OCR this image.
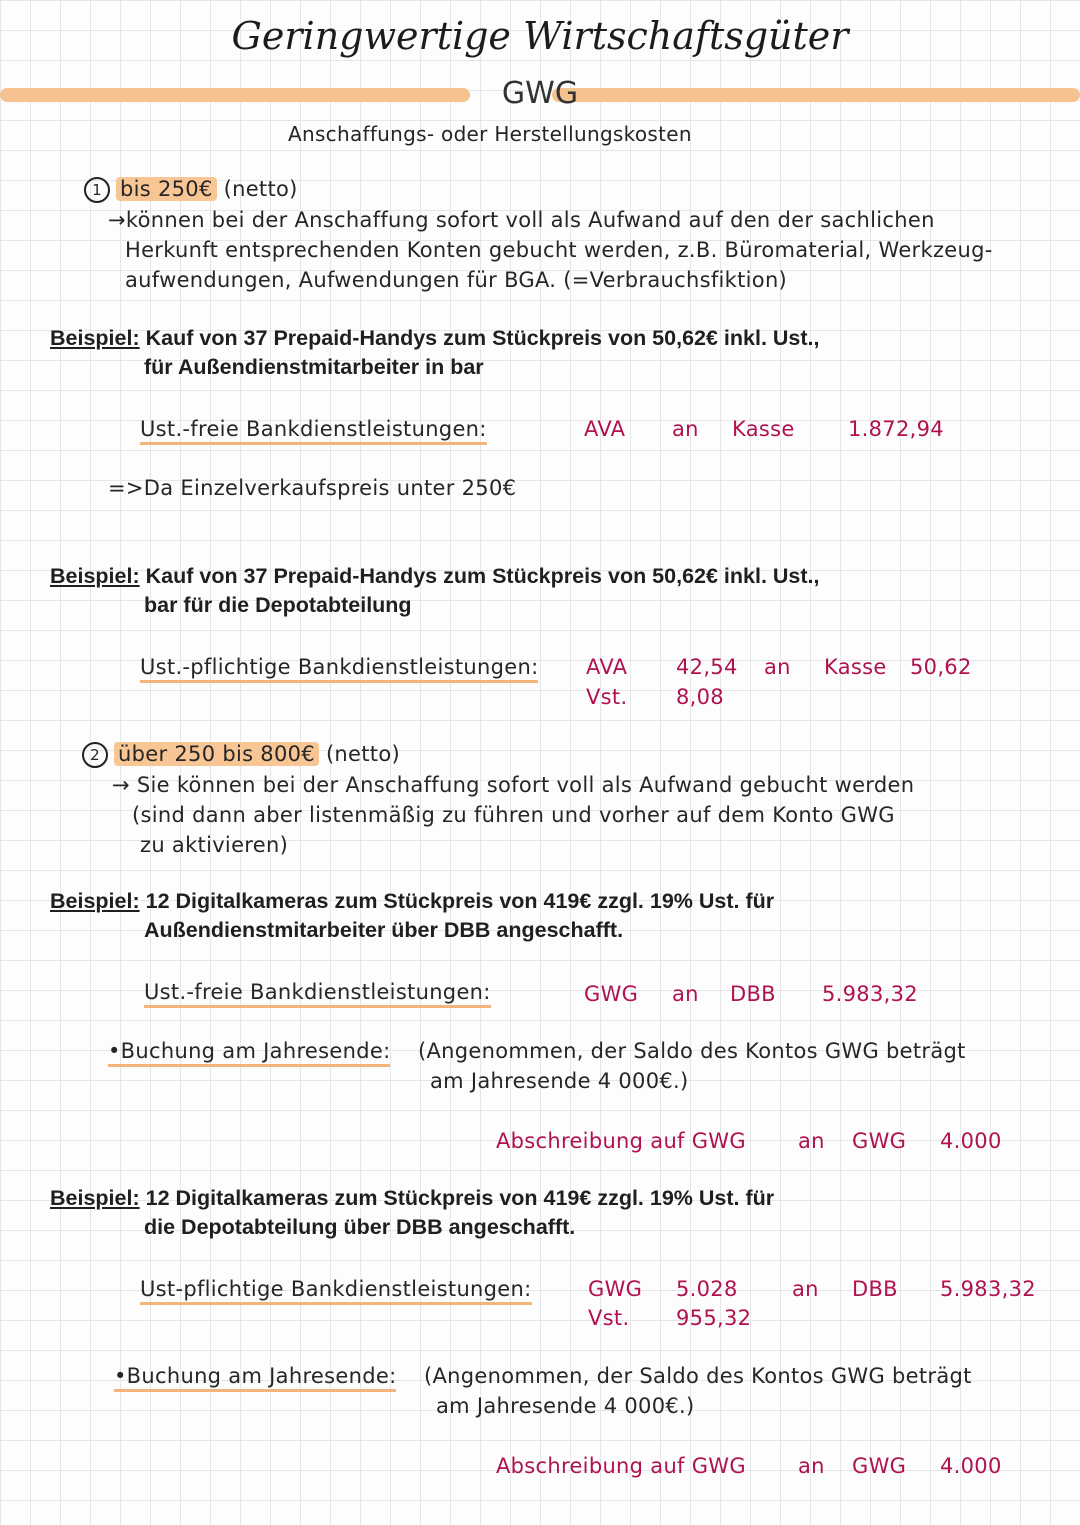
Geringwertige Wirtschaftsgüter
GWG
Anschaffungs- oder Herstellungskosten
1 bis 250€ (netto)
→können bei der Anschaffung sofort voll als Aufwand auf den der sachlichen
Herkunft entsprechenden Konten gebucht werden, z.B. Büromaterial, Werkzeug-
aufwendungen, Aufwendungen für BGA. (=Verbrauchsfiktion)
Beispiel: Kauf von 37 Prepaid-Handys zum Stückpreis von 50,62€ inkl. Ust.,
für Außendienstmitarbeiter in bar
Ust.-freie Bankdienstleistungen:	AVA an Kasse	1.872,94
=>Da Einzelverkaufspreis unter 250€
Beispiel: Kauf von 37 Prepaid-Handys zum Stückpreis von 50,62€ inkl. Ust.,
bar für die Depotabteilung
Ust.-pflichtige Bankdienstleistungen: AVA 42,54 an Kasse 50,62
Vst. 8,08
2 über 250 bis 800€ (netto)
→ Sie können bei der Anschaffung sofort voll als Aufwand gebucht werden
(sind dann aber listenmäßig zu führen und vorher auf dem Konto GWG
zu aktivieren)
Beispiel: 12 Digitalkameras zum Stückpreis von 419€ zzgl. 19% Ust. für
Außendienstmitarbeiter über DBB angeschafft.
Ust.-freie Bankdienstleistungen:	GWG an DBB 5.983,32
•Buchung am Jahresende: (Angenommen, der Saldo des Kontos GWG beträgt
am Jahresende 4 000€.)
Abschreibung auf GWG an GWG 4.000
Beispiel: 12 Digitalkameras zum Stückpreis von 419€ zzgl. 19% Ust. für
die Depotabteilung über DBB angeschafft.
Ust-pflichtige Bankdienstleistungen:	GWG 5.028	an DBB 5.983,32
Vst. 955,32
•Buchung am Jahresende: (Angenommen, der Saldo des Kontos GWG beträgt
am Jahresende 4 000€.)
Abschreibung auf GWG an GWG 4.000
